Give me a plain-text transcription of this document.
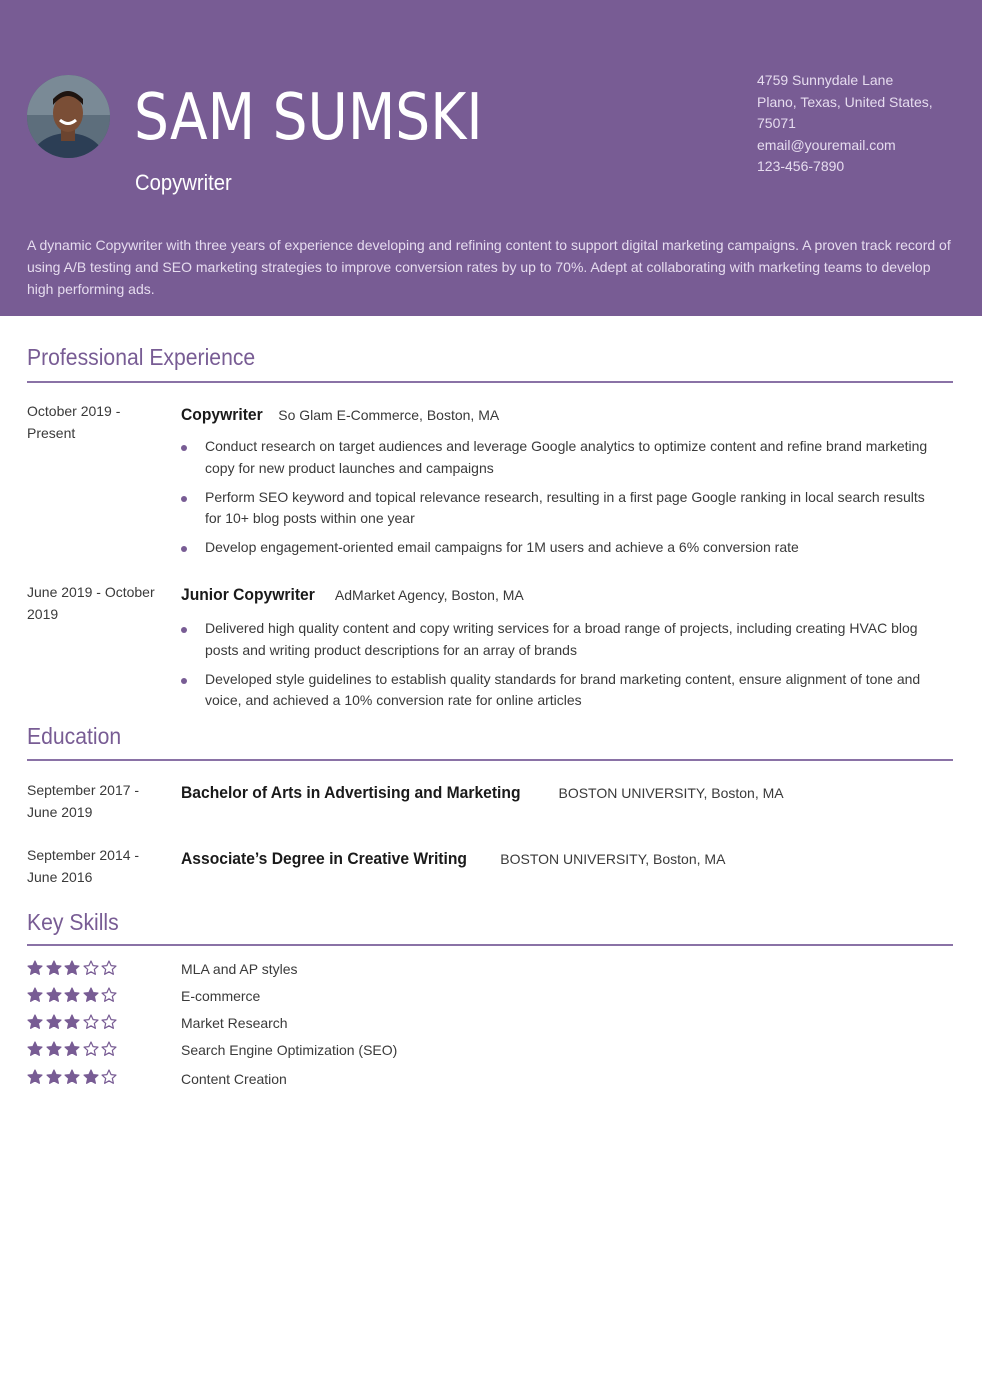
SAM SUMSKI
Copywriter
4759 Sunnydale Lane
Plano, Texas, United States,
75071
email@youremail.com
123-456-7890
A dynamic Copywriter with three years of experience developing and refining content to support digital marketing campaigns. A proven track record of using A/B testing and SEO marketing strategies to improve conversion rates by up to 70%. Adept at collaborating with marketing teams to develop high performing ads.
Professional Experience
October 2019 - Present
Copywriter So Glam E-Commerce, Boston, MA
Conduct research on target audiences and leverage Google analytics to optimize content and refine brand marketing copy for new product launches and campaigns
Perform SEO keyword and topical relevance research, resulting in a first page Google ranking in local search results for 10+ blog posts within one year
Develop engagement-oriented email campaigns for 1M users and achieve a 6% conversion rate
June 2019 - October 2019
Junior Copywriter AdMarket Agency, Boston, MA
Delivered high quality content and copy writing services for a broad range of projects, including creating HVAC blog posts and writing product descriptions for an array of brands
Developed style guidelines to establish quality standards for brand marketing content, ensure alignment of tone and voice, and achieved a 10% conversion rate for online articles
Education
September 2017 - June 2019
Bachelor of Arts in Advertising and Marketing	BOSTON UNIVERSITY, Boston, MA
September 2014 - June 2016
Associate’s Degree in Creative Writing BOSTON UNIVERSITY, Boston, MA
Key Skills
MLA and AP styles
E-commerce
Market Research
Search Engine Optimization (SEO)
Content Creation
